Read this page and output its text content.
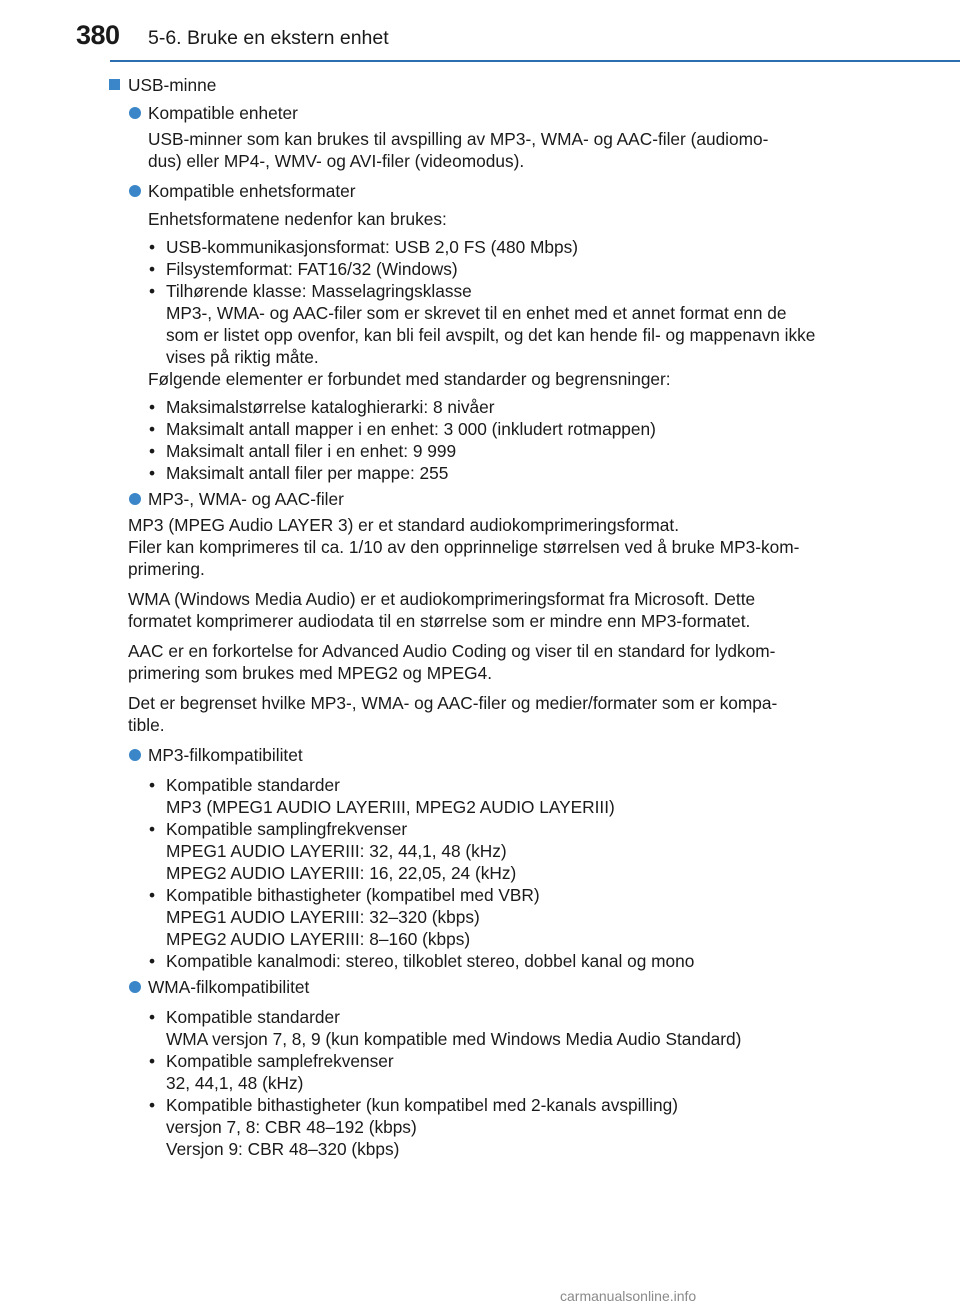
380 5-6. Bruke en ekstern enhet
USB-minne
Kompatible enheter
USB-minner som kan brukes til avspilling av MP3-, WMA- og AAC-filer (audiomo-
dus) eller MP4-, WMV- og AVI-filer (videomodus).
Kompatible enhetsformater
Enhetsformatene nedenfor kan brukes:
• USB-kommunikasjonsformat: USB 2,0 FS (480 Mbps)
• Filsystemformat: FAT16/32 (Windows)
• Tilhørende klasse: Masselagringsklasse
MP3-, WMA- og AAC-filer som er skrevet til en enhet med et annet format enn de
som er listet opp ovenfor, kan bli feil avspilt, og det kan hende fil- og mappenavn ikke
vises på riktig måte.
Følgende elementer er forbundet med standarder og begrensninger:
• Maksimalstørrelse kataloghierarki: 8 nivåer
• Maksimalt antall mapper i en enhet: 3 000 (inkludert rotmappen)
• Maksimalt antall filer i en enhet: 9 999
• Maksimalt antall filer per mappe: 255
MP3-, WMA- og AAC-filer
MP3 (MPEG Audio LAYER 3) er et standard audiokomprimeringsformat.
Filer kan komprimeres til ca. 1/10 av den opprinnelige størrelsen ved å bruke MP3-kom-
primering.
WMA (Windows Media Audio) er et audiokomprimeringsformat fra Microsoft. Dette
formatet komprimerer audiodata til en størrelse som er mindre enn MP3-formatet.
AAC er en forkortelse for Advanced Audio Coding og viser til en standard for lydkom-
primering som brukes med MPEG2 og MPEG4.
Det er begrenset hvilke MP3-, WMA- og AAC-filer og medier/formater som er kompa-
tible.
MP3-filkompatibilitet
• Kompatible standarder
MP3 (MPEG1 AUDIO LAYERIII, MPEG2 AUDIO LAYERIII)
• Kompatible samplingfrekvenser
MPEG1 AUDIO LAYERIII: 32, 44,1, 48 (kHz)
MPEG2 AUDIO LAYERIII: 16, 22,05, 24 (kHz)
• Kompatible bithastigheter (kompatibel med VBR)
MPEG1 AUDIO LAYERIII: 32–320 (kbps)
MPEG2 AUDIO LAYERIII: 8–160 (kbps)
• Kompatible kanalmodi: stereo, tilkoblet stereo, dobbel kanal og mono
WMA-filkompatibilitet
• Kompatible standarder
WMA versjon 7, 8, 9 (kun kompatible med Windows Media Audio Standard)
• Kompatible samplefrekvenser
32, 44,1, 48 (kHz)
• Kompatible bithastigheter (kun kompatibel med 2-kanals avspilling)
versjon 7, 8: CBR 48–192 (kbps)
Versjon 9: CBR 48–320 (kbps)
carmanualsonline.info
